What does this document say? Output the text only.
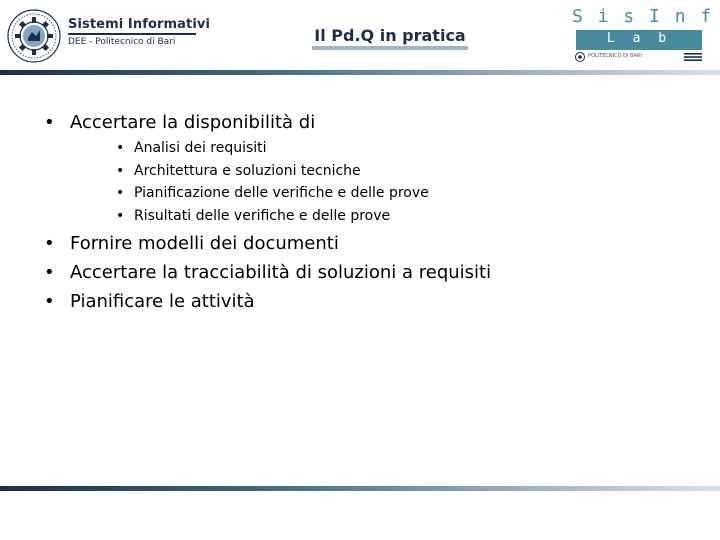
Sistemi Informativi
DEE - Politecnico di Bari	Il Pd.Q in pratica
S i s I n f
L a b
POLITECNICO DI BARI
• Accertare la disponibilità di
• Analisi dei requisiti
• Architettura e soluzioni tecniche
• Pianificazione delle verifiche e delle prove
• Risultati delle verifiche e delle prove
• Fornire modelli dei documenti
• Accertare la tracciabilità di soluzioni a requisiti
• Pianificare le attività
